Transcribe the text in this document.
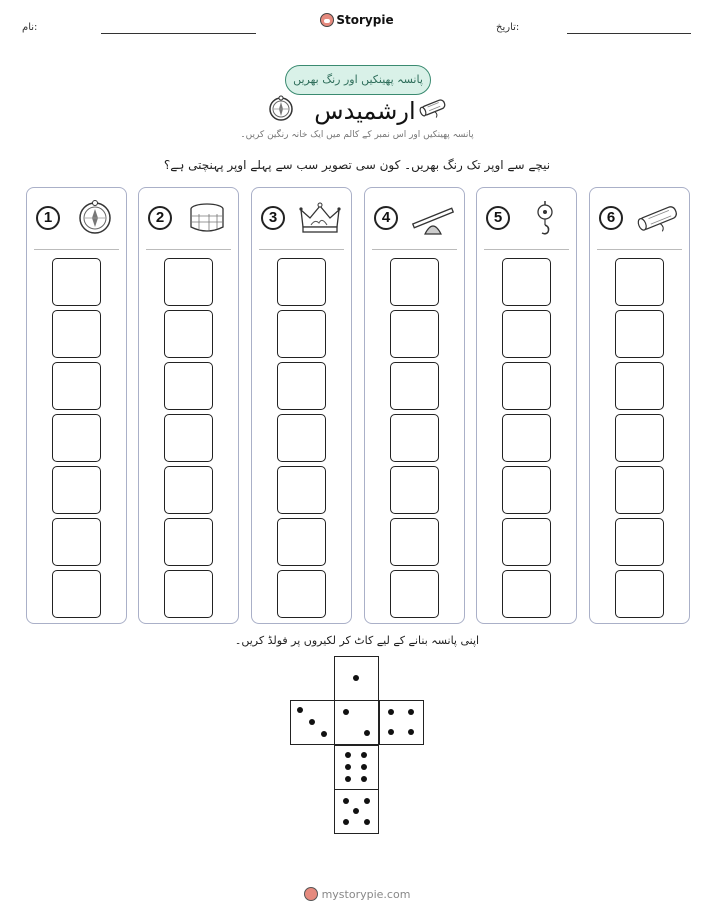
نام:
Storypie
تاریخ:
پانسہ پھینکیں اور رنگ بھریں
ارشمیدس
پانسہ پھینکیں اور اس نمبر کے کالم میں ایک خانہ رنگین کریں۔
نیچے سے اوپر تک رنگ بھریں۔ کون سی تصویر سب سے پہلے اوپر پہنچتی ہے؟
1	2	3	4	5	6
اپنی پانسہ بنانے کے لیے کاٹ کر لکیروں پر فولڈ کریں۔
mystorypie.com
